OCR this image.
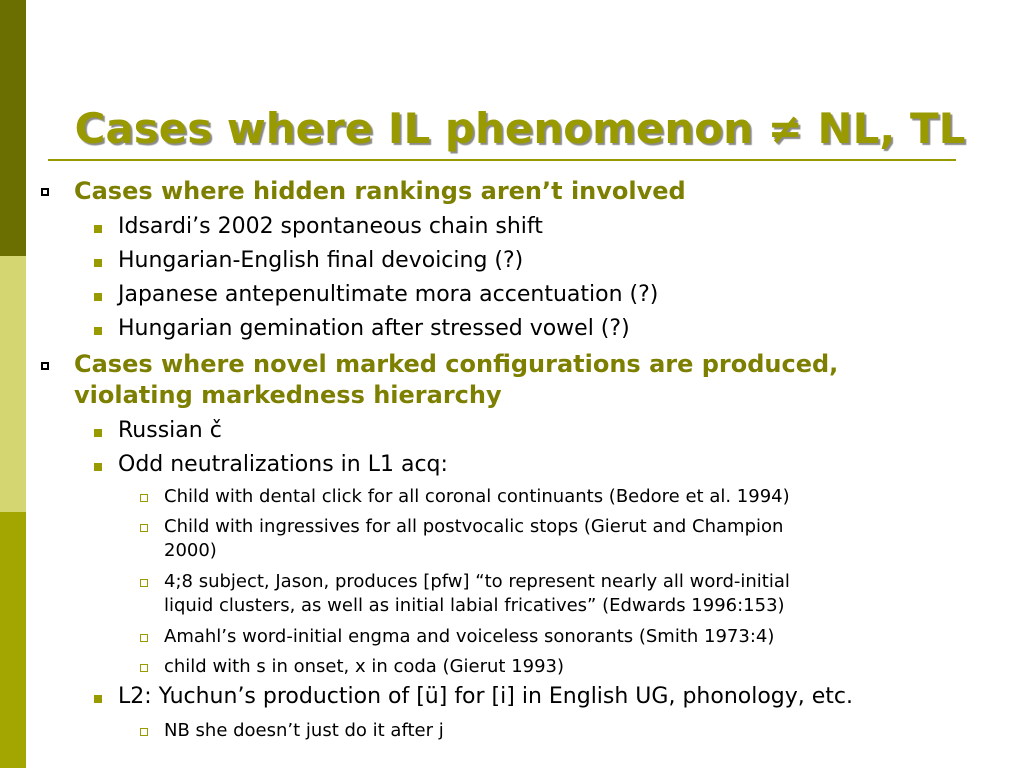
Cases where IL phenomenon ≠ NL, TL
Cases where hidden rankings aren’t involved
Idsardi’s 2002 spontaneous chain shift
Hungarian-English final devoicing (?)
Japanese antepenultimate mora accentuation (?)
Hungarian gemination after stressed vowel (?)
Cases where novel marked configurations are produced,
violating markedness hierarchy
Russian č
Odd neutralizations in L1 acq:
Child with dental click for all coronal continuants (Bedore et al. 1994)
Child with ingressives for all postvocalic stops (Gierut and Champion
2000)
4;8 subject, Jason, produces [pfw] “to represent nearly all word-initial
liquid clusters, as well as initial labial fricatives” (Edwards 1996:153)
Amahl’s word-initial engma and voiceless sonorants (Smith 1973:4)
child with s in onset, x in coda (Gierut 1993)
L2: Yuchun’s production of [ü] for [i] in English UG, phonology, etc.
NB she doesn’t just do it after j
